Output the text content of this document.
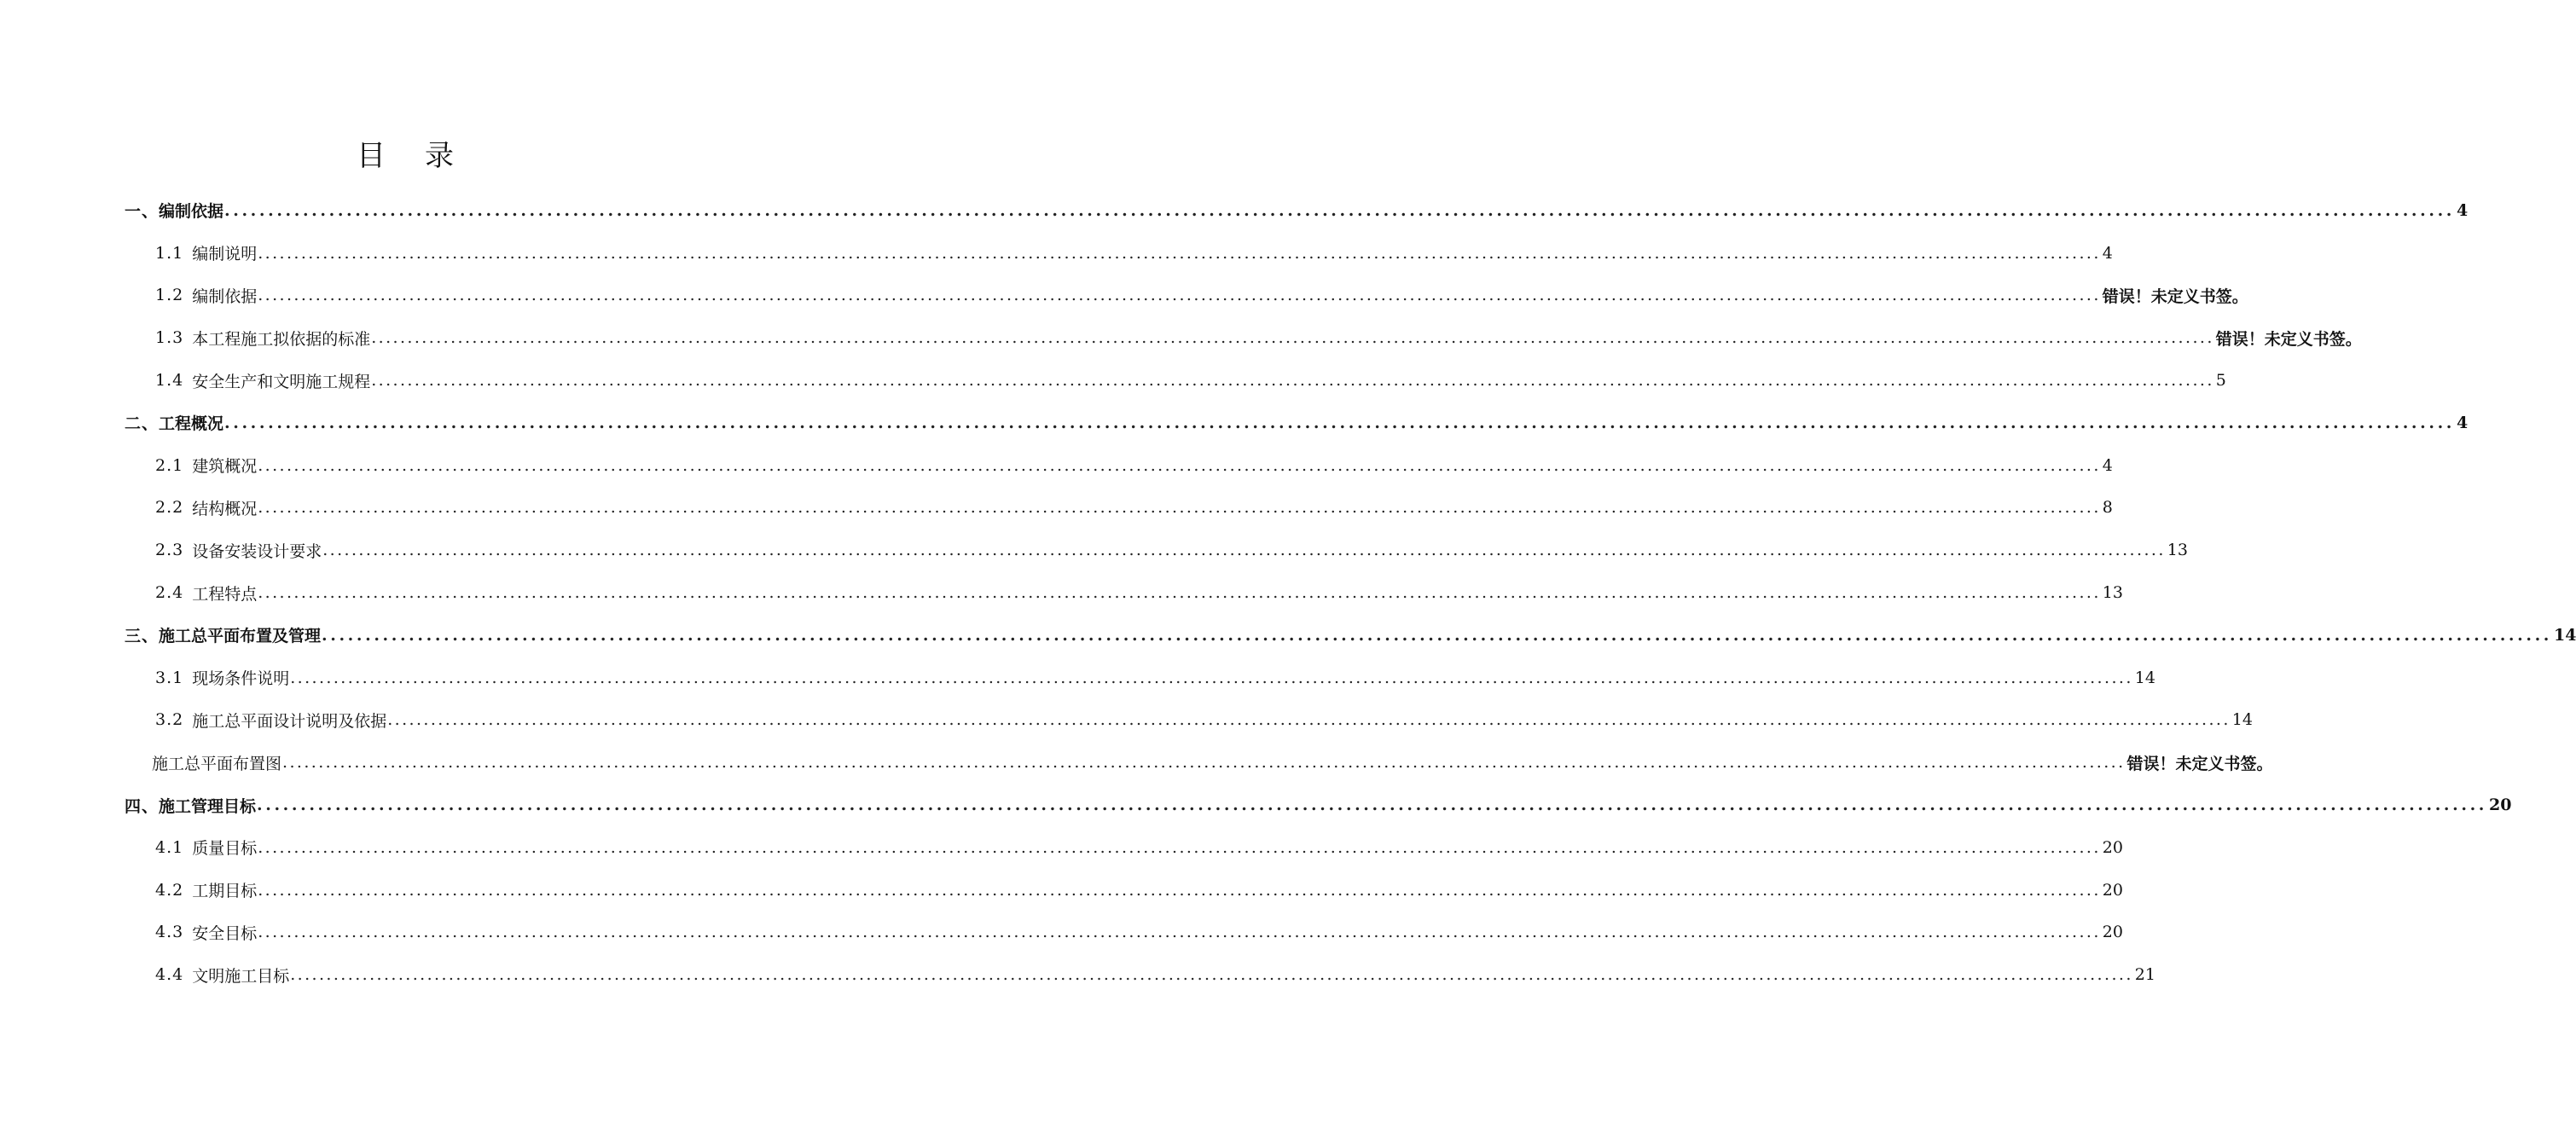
目 录
一、 编制依据 ................................................................................................................................................................................................................................................................ 4
1.1 编制说明 ................................................................................................................................................................................................................................................................ 4
1.2 编制依据 ................................................................................................................................................................................................................................................................ 错误！未定义书签。
1.3 本工程施工拟依据的标准 ................................................................................................................................................................................................................................................................ 错误！未定义书签。
1.4 安全生产和文明施工规程 ................................................................................................................................................................................................................................................................ 5
二、 工程概况 ................................................................................................................................................................................................................................................................ 4
2.1 建筑概况 ................................................................................................................................................................................................................................................................ 4
2.2 结构概况 ................................................................................................................................................................................................................................................................ 8
2.3 设备安装设计要求 ................................................................................................................................................................................................................................................................ 13
2.4 工程特点 ................................................................................................................................................................................................................................................................ 13
三、 施工总平面布置及管理 ................................................................................................................................................................................................................................................................ 14
3.1 现场条件说明 ................................................................................................................................................................................................................................................................ 14
3.2 施工总平面设计说明及依据 ................................................................................................................................................................................................................................................................ 14
施工总平面布置图 ................................................................................................................................................................................................................................................................ 错误！未定义书签。
四、 施工管理目标 ................................................................................................................................................................................................................................................................ 20
4.1 质量目标 ................................................................................................................................................................................................................................................................ 20
4.2 工期目标 ................................................................................................................................................................................................................................................................ 20
4.3 安全目标 ................................................................................................................................................................................................................................................................ 20
4.4 文明施工目标 ................................................................................................................................................................................................................................................................ 21
